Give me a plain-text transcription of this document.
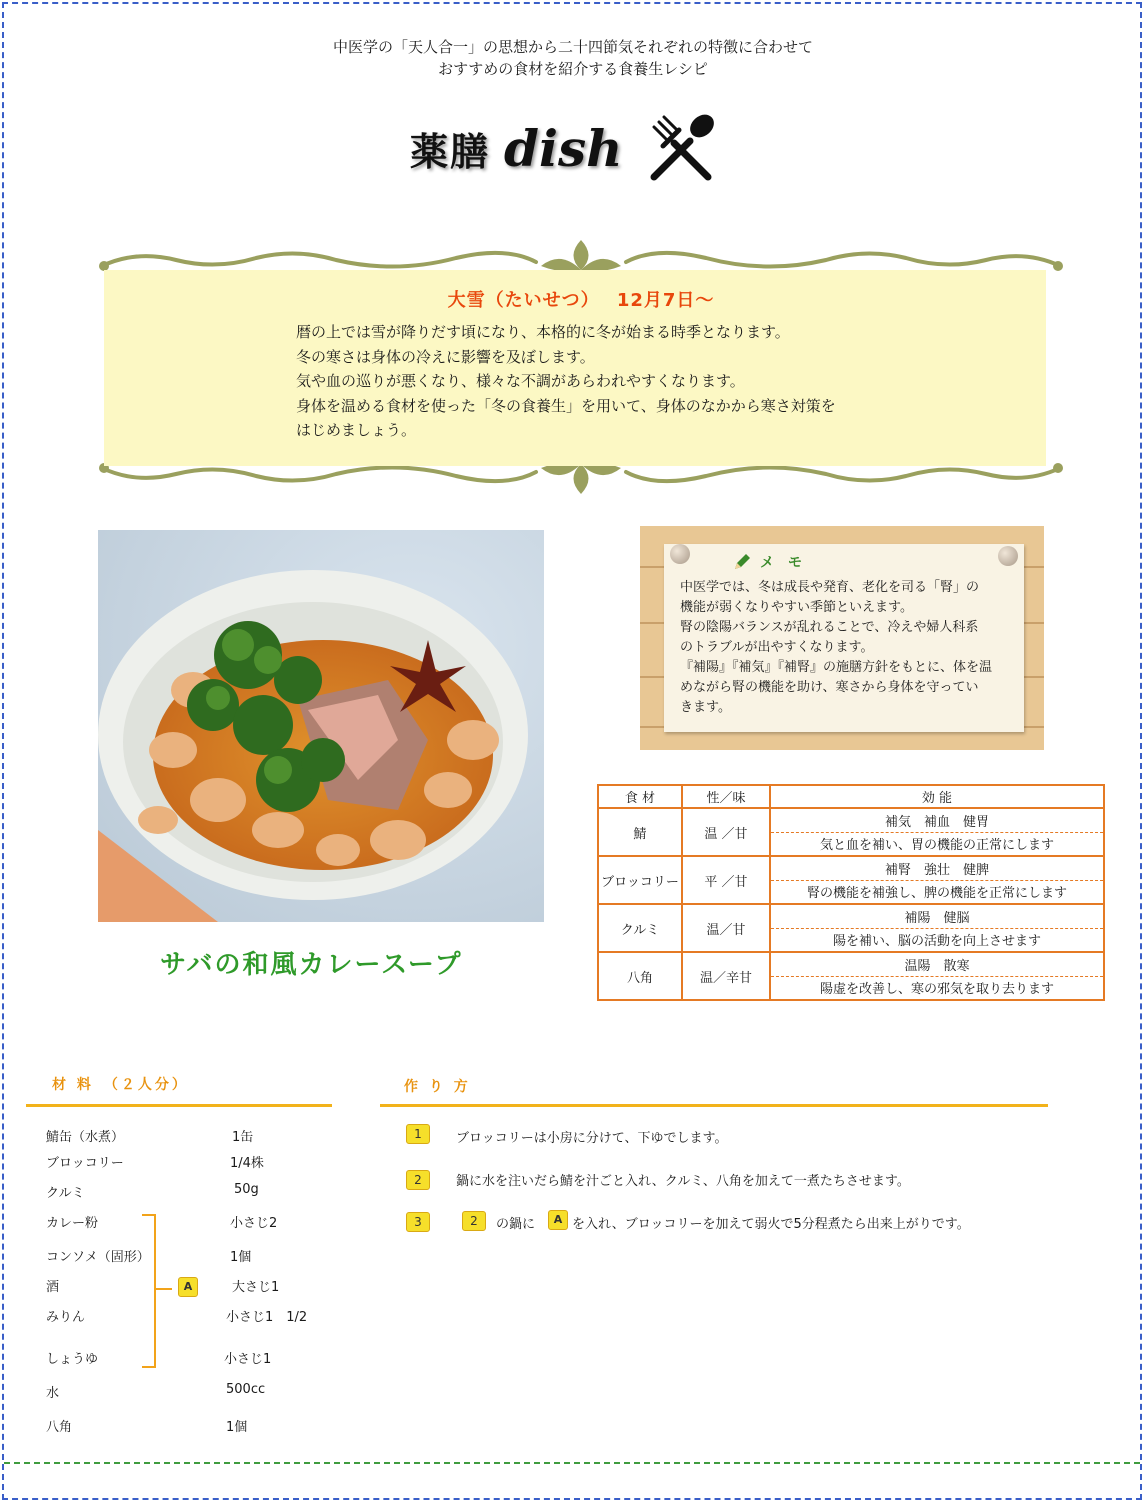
中医学の「天人合一」の思想から二十四節気それぞれの特徴に合わせて
おすすめの食材を紹介する食養生レシピ
薬膳 dish
大雪（たいせつ）　 12月7日～
暦の上では雪が降りだす頃になり、本格的に冬が始まる時季となります。
冬の寒さは身体の冷えに影響を及ぼします。
気や血の巡りが悪くなり、様々な不調があらわれやすくなります。
身体を温める食材を使った「冬の食養生」を用いて、身体のなかから寒さ対策を
はじめましょう。
サバの和風カレースープ
メモ
中医学では、冬は成長や発育、老化を司る「腎」の
機能が弱くなりやすい季節といえます。
腎の陰陽バランスが乱れることで、冷えや婦人科系
のトラブルが出やすくなります。
『補陽』『補気』『補腎』の施膳方針をもとに、体を温
めながら腎の機能を助け、寒さから身体を守ってい
きます。
食 材	性／味	効 能
鯖	温 ／甘	補気　補血　健胃
		気と血を補い、胃の機能の正常にします
ブロッコリー	平 ／甘	補腎　強壮　健脾
		腎の機能を補強し、脾の機能を正常にします
クルミ	温／甘	補陽　健脳
		陽を補い、脳の活動を向上させます
八角	温／辛甘	温陽　散寒
		陽虚を改善し、寒の邪気を取り去ります
材 料　（２人分）
鯖缶（水煮）	1缶
ブロッコリー	1/4株
クルミ	50g
カレー粉	小さじ2
コンソメ（固形）	1個
酒	大さじ1
みりん	小さじ1　1/2
しょうゆ	小さじ1
水	500cc
八角	1個
A
作 り 方
1	ブロッコリーは小房に分けて、下ゆでします。
2	鍋に水を注いだら鯖を汁ごと入れ、クルミ、八角を加えて一煮たちさせます。
3	2	の鍋に	A を入れ、ブロッコリーを加えて弱火で5分程煮たら出来上がりです。
